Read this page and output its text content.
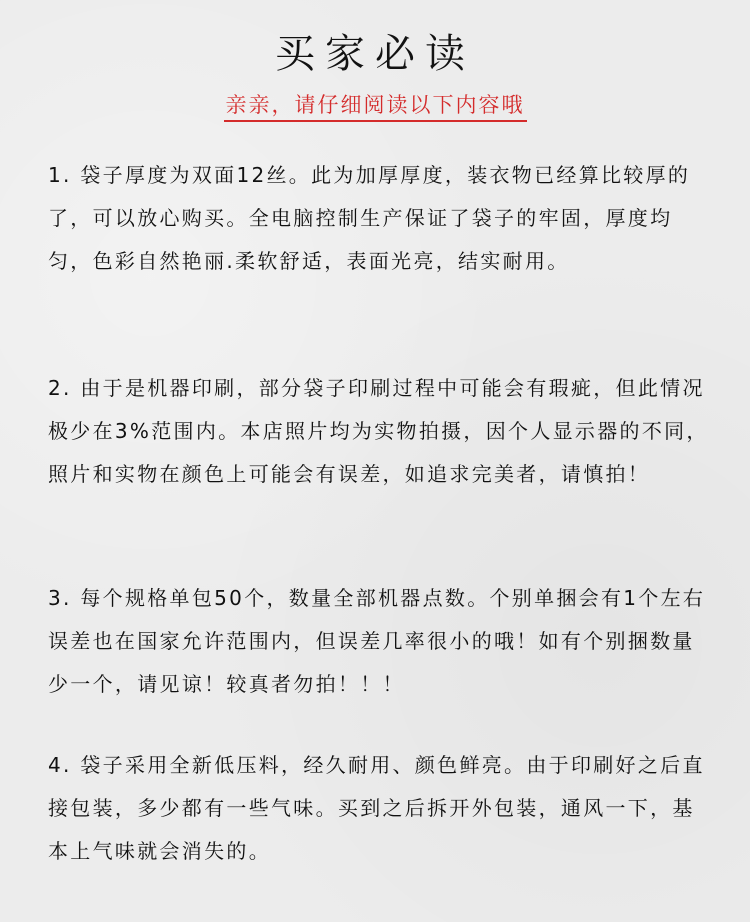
买家必读
亲亲，请仔细阅读以下内容哦
1. 袋子厚度为双面12丝。此为加厚厚度，装衣物已经算比较厚的了，可以放心购买。全电脑控制生产保证了袋子的牢固，厚度均匀，色彩自然艳丽.柔软舒适，表面光亮，结实耐用。
2. 由于是机器印刷，部分袋子印刷过程中可能会有瑕疵，但此情况极少在3%范围内。本店照片均为实物拍摄，因个人显示器的不同，照片和实物在颜色上可能会有误差，如追求完美者，请慎拍！
3. 每个规格单包50个，数量全部机器点数。个别单捆会有1个左右误差也在国家允许范围内，但误差几率很小的哦！如有个别捆数量少一个，请见谅！较真者勿拍！！！
4. 袋子采用全新低压料，经久耐用、颜色鲜亮。由于印刷好之后直接包装，多少都有一些气味。买到之后拆开外包装，通风一下，基本上气味就会消失的。
